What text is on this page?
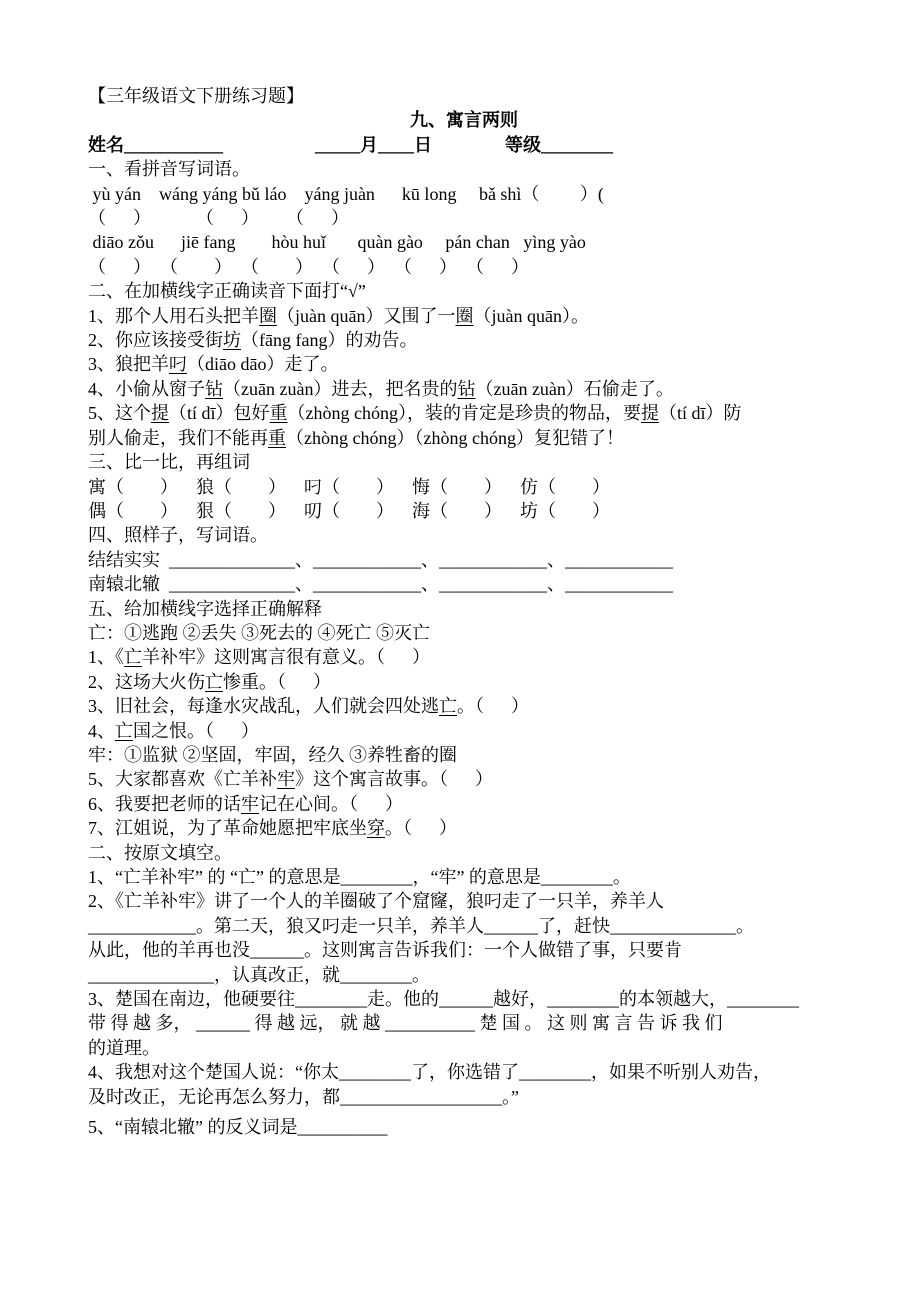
【三年级语文下册练习题】
九、寓言两则
姓名___________	_____月____日	等级________
一、看拼音写词语。
yù yán    wáng yáng bǔ láo    yáng juàn      kū long     bǎ shì（         ）(
（      ）          （      ）      （      ）
diāo zǒu      jiē fang        hòu huǐ       quàn gào     pán chan   yìng yào
（      ）  （        ）  （        ）  （      ）  （      ）  （      ）
二、在加横线字正确读音下面打“√”
1、那个人用石头把羊圈（juàn quān）又围了一圈（juàn quān）。
2、你应该接受街坊（fāng fang）的劝告。
3、狼把羊叼（diāo dāo）走了。
4、小偷从窗子钻（zuān zuàn）进去，把名贵的钻（zuān zuàn）石偷走了。
5、这个提（tí dī）包好重（zhòng chóng），装的肯定是珍贵的物品，要提（tí dī）防
别人偷走，我们不能再重（zhòng chóng）（zhòng chóng）复犯错了！
三、比一比，再组词
寓（        ）    狼（        ）    叼（        ）    悔（        ）    仿（        ）
偶（        ）    狠（        ）    叨（        ）    海（        ）    坊（        ）
四、照样子，写词语。
结结实实  ______________、____________、____________、____________
南辕北辙  ______________、____________、____________、____________
五、给加横线字选择正确解释
亡：①逃跑 ②丢失 ③死去的 ④死亡 ⑤灭亡
1、《亡羊补牢》这则寓言很有意义。（      ）
2、这场大火伤亡惨重。（      ）
3、旧社会，每逢水灾战乱，人们就会四处逃亡。（      ）
4、亡国之恨。（      ）
牢：①监狱 ②坚固，牢固，经久 ③养牲畜的圈
5、大家都喜欢《亡羊补牢》这个寓言故事。（      ）
6、我要把老师的话牢记在心间。（      ）
7、江姐说，为了革命她愿把牢底坐穿。（      ）
二、按原文填空。
1、“亡羊补牢” 的 “亡” 的意思是________，“牢” 的意思是________。
2、《亡羊补牢》讲了一个人的羊圈破了个窟窿，狼叼走了一只羊，养羊人
____________。第二天，狼又叼走一只羊，养羊人______了，赶快______________。
从此，他的羊再也没______。这则寓言告诉我们：一个人做错了事，只要肯
______________，认真改正，就________。
3、楚国在南边，他硬要往________走。他的______越好，________的本领越大，________
带 得 越 多， ______ 得 越 远， 就 越 __________ 楚 国 。 这 则 寓 言 告 诉 我 们
的道理。
4、我想对这个楚国人说：“你太________了，你选错了________，如果不听别人劝告，
及时改正，无论再怎么努力，都__________________。”
5、“南辕北辙” 的反义词是__________
